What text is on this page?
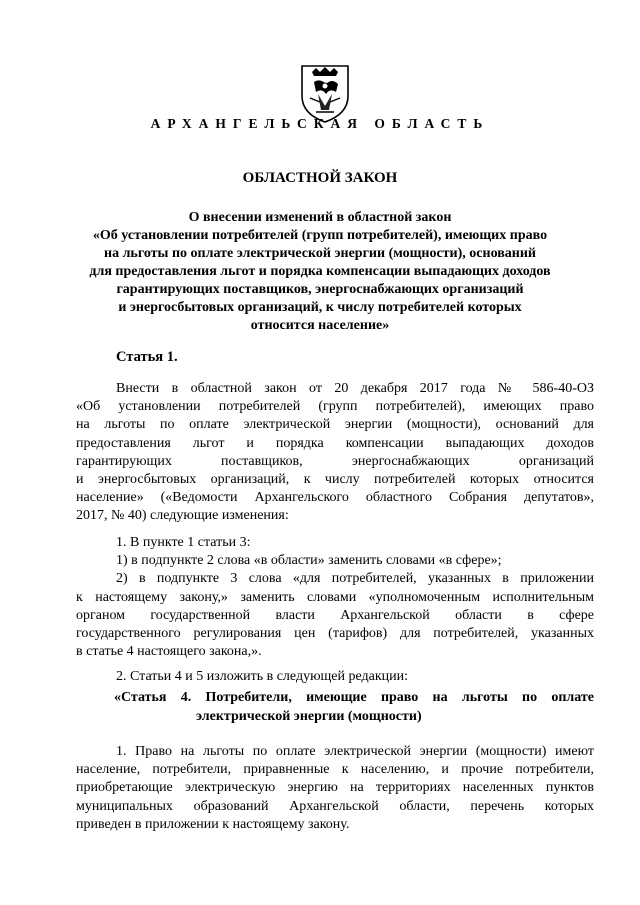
АРХАНГЕЛЬСКАЯ ОБЛАСТЬ
ОБЛАСТНОЙ ЗАКОН
О внесении изменений в областной закон
«Об установлении потребителей (групп потребителей), имеющих право
на льготы по оплате электрической энергии (мощности), оснований
для предоставления льгот и порядка компенсации выпадающих доходов
гарантирующих поставщиков, энергоснабжающих организаций
и энергосбытовых организаций, к числу потребителей которых
относится население»
Статья 1.
Внести в областной закон от 20 декабря 2017 года № 586-40-ОЗ
«Об установлении потребителей (групп потребителей), имеющих право
на льготы по оплате электрической энергии (мощности), оснований для
предоставления льгот и порядка компенсации выпадающих доходов
гарантирующих поставщиков, энергоснабжающих организаций
и энергосбытовых организаций, к числу потребителей которых относится
население» («Ведомости Архангельского областного Собрания депутатов»,
2017, № 40) следующие изменения:
1. В пункте 1 статьи 3:
1) в подпункте 2 слова «в области» заменить словами «в сфере»;
2) в подпункте 3 слова «для потребителей, указанных в приложении
к настоящему закону,» заменить словами «уполномоченным исполнительным
органом государственной власти Архангельской области в сфере
государственного регулирования цен (тарифов) для потребителей, указанных
в статье 4 настоящего закона,».
2. Статьи 4 и 5 изложить в следующей редакции:
«Статья 4. Потребители, имеющие право на льготы по оплате
электрической энергии (мощности)
1. Право на льготы по оплате электрической энергии (мощности) имеют
население, потребители, приравненные к населению, и прочие потребители,
приобретающие электрическую энергию на территориях населенных пунктов
муниципальных образований Архангельской области, перечень которых
приведен в приложении к настоящему закону.
